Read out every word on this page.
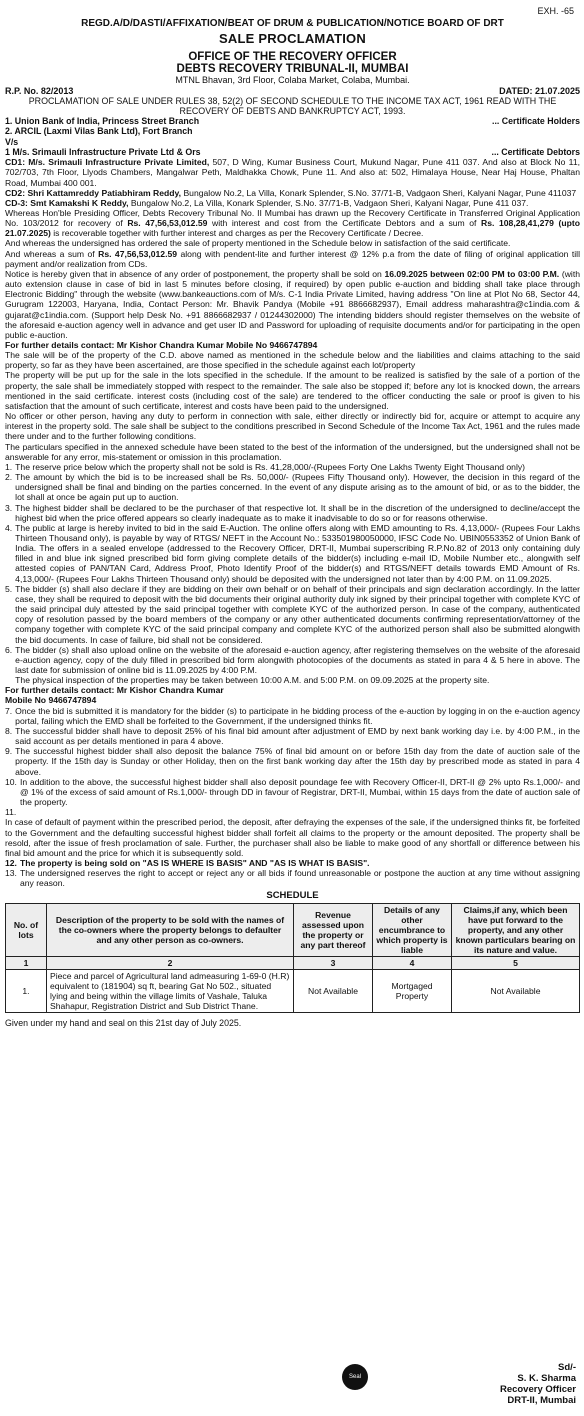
EXH. -65
REGD.A/D/DASTI/AFFIXATION/BEAT OF DRUM & PUBLICATION/NOTICE BOARD OF DRT
SALE PROCLAMATION
OFFICE OF THE RECOVERY OFFICER
DEBTS RECOVERY TRIBUNAL-II, MUMBAI
MTNL Bhavan, 3rd Floor, Colaba Market, Colaba, Mumbai.
R.P. No. 82/2013	DATED: 21.07.2025
PROCLAMATION OF SALE UNDER RULES 38, 52(2) OF SECOND SCHEDULE TO THE INCOME TAX ACT, 1961 READ WITH THE RECOVERY OF DEBTS AND BANKRUPTCY ACT, 1993.
1. Union Bank of India, Princess Street Branch	... Certificate Holders
2. ARCIL (Laxmi Vilas Bank Ltd), Fort Branch
V/s
1 M/s. Srimauli Infrastructure Private Ltd & Ors	... Certificate Debtors
CD1: M/s. Srimauli Infrastructure Private Limited, 507, D Wing, Kumar Business Court, Mukund Nagar, Pune 411 037. And also at Block No 11, 702/703, 7th Floor, Llyods Chambers, Mangalwar Peth, Maldhakka Chowk, Pune 11. And also at: 502, Himalaya House, Near Haj House, Phaltan Road, Mumbai 400 001.
CD2: Shri Kattamreddy Patiabhiram Reddy, Bungalow No.2, La Villa, Konark Splender, S.No. 37/71-B, Vadgaon Sheri, Kalyani Nagar, Pune 411037
CD-3: Smt Kamakshi K Reddy, Bungalow No.2, La Villa, Konark Splender, S.No. 37/71-B, Vadgaon Sheri, Kalyani Nagar, Pune 411 037.
Whereas Hon'ble Presiding Officer, Debts Recovery Tribunal No. II Mumbai has drawn up the Recovery Certificate in Transferred Original Application No. 103/2012 for recovery of Rs. 47,56,53,012.59 with interest and cost from the Certificate Debtors and a sum of Rs. 108,28,41,279 (upto 21.07.2025) is recoverable together with further interest and charges as per the Recovery Certificate / Decree.
And whereas the undersigned has ordered the sale of property mentioned in the Schedule below in satisfaction of the said certificate.
And whereas a sum of Rs. 47,56,53,012.59 along with pendent-lite and further interest @ 12% p.a from the date of filing of original application till payment and/or realization from CDs.
Notice is hereby given that in absence of any order of postponement, the property shall be sold on 16.09.2025 between 02:00 PM to 03:00 P.M. (with auto extension clause in case of bid in last 5 minutes before closing, if required) by open public e-auction and bidding shall take place through Electronic Bidding" through the website (www.bankeauctions.com of M/s. C-1 India Private Limited, having address "On line at Plot No 68, Sector 44, Gurugram 122003, Haryana, India, Contact Person: Mr. Bhavik Pandya (Mobile +91 8866682937), Email address maharashtra@c1india.com & gujarat@c1india.com. (Support help Desk No. +91 8866682937 / 01244302000) The intending bidders should register themselves on the website of the aforesaid e-auction agency well in advance and get user ID and Password for uploading of requisite documents and/or for participating in the open public e-auction.
For further details contact: Mr Kishor Chandra Kumar Mobile No 9466747894
The sale will be of the property of the C.D. above named as mentioned in the schedule below and the liabilities and claims attaching to the said property, so far as they have been ascertained, are those specified in the schedule against each lot/property
The property will be put up for the sale in the lots specified in the schedule. If the amount to be realized is satisfied by the sale of a portion of the property, the sale shall be immediately stopped with respect to the remainder. The sale also be stopped if; before any lot is knocked down, the arrears mentioned in the said certificate. interest costs (including cost of the sale) are tendered to the officer conducting the sale or proof is given to his satisfaction that the amount of such certificate, interest and costs have been paid to the undersigned.
No officer or other person, having any duty to perform in connection with sale, either directly or indirectly bid for, acquire or attempt to acquire any interest in the property sold. The sale shall be subject to the conditions prescribed in Second Schedule of the Income Tax Act, 1961 and the rules made there under and to the further following conditions.
The particulars specified in the annexed schedule have been stated to the best of the information of the undersigned, but the undersigned shall not be answerable for any error, mis-statement or omission in this proclamation.
1. The reserve price below which the property shall not be sold is Rs. 41,28,000/-(Rupees Forty One Lakhs Twenty Eight Thousand only)
2. The amount by which the bid is to be increased shall be Rs. 50,000/- (Rupees Fifty Thousand only). However, the decision in this regard of the undersigned shall be final and binding on the parties concerned. In the event of any dispute arising as to the amount of bid, or as to the bidder, the lot shall at once be again put up to auction.
3. The highest bidder shall be declared to be the purchaser of that respective lot. It shall be in the discretion of the undersigned to decline/accept the highest bid when the price offered appears so clearly inadequate as to make it inadvisable to do so or for reasons otherwise.
4. The public at large is hereby invited to bid in the said E-Auction. The online offers along with EMD amounting to Rs. 4,13,000/- (Rupees Four Lakhs Thirteen Thousand only), is payable by way of RTGS/ NEFT in the Account No.: 533501980050000, IFSC Code No. UBIN0553352 of Union Bank of India. The offers in a sealed envelope (addressed to the Recovery Officer, DRT-II, Mumbai superscribing R.P.No.82 of 2013 only containing duly filled in and blue ink signed prescribed bid form giving complete details of the bidder(s) including e-mail ID, Mobile Number etc., alongwith self attested copies of PAN/TAN Card, Address Proof, Photo Identify Proof of the bidder(s) and RTGS/NEFT details towards EMD Amount of Rs. 4,13,000/- (Rupees Four Lakhs Thirteen Thousand only) should be deposited with the undersigned not later than by 4:00 P.M. on 11.09.2025.
5. The bidder (s) shall also declare if they are bidding on their own behalf or on behalf of their principals and sign declaration accordingly. In the latter case, they shall be required to deposit with the bid documents their original authority duly ink signed by their principal together with complete KYC of the said principal duly attested by the said principal together with complete KYC of the authorized person. In case of the company, authenticated copy of resolution passed by the board members of the company or any other authenticated documents confirming representation/attorney of the company together with complete KYC of the said principal company and complete KYC of the authorized person shall also be submitted alongwith the bid documents. In case of failure, bid shall not be considered.
6. The bidder (s) shall also upload online on the website of the aforesaid e-auction agency, after registering themselves on the website of the aforesaid e-auction agency, copy of the duly filled in prescribed bid form alongwith photocopies of the documents as stated in para 4 & 5 here in above. The last date for submission of online bid is 11.09.2025 by 4:00 P.M.
The physical inspection of the properties may be taken between 10:00 A.M. and 5:00 P.M. on 09.09.2025 at the property site.
For further details contact: Mr Kishor Chandra Kumar
Mobile No 9466747894
7. Once the bid is submitted it is mandatory for the bidder (s) to participate in he bidding process of the e-auction by logging in on the e-auction agency portal, failing which the EMD shall be forfeited to the Government, if the undersigned thinks fit.
8. The successful bidder shall have to deposit 25% of his final bid amount after adjustment of EMD by next bank working day i.e. by 4:00 P.M., in the said account as per details mentioned in para 4 above.
9. The successful highest bidder shall also deposit the balance 75% of final bid amount on or before 15th day from the date of auction sale of the property. If the 15th day is Sunday or other Holiday, then on the first bank working day after the 15th day by prescribed mode as stated in para 4 above.
10. In addition to the above, the successful highest bidder shall also deposit poundage fee with Recovery Officer-II, DRT-II @ 2% upto Rs.1,000/- and @ 1% of the excess of said amount of Rs.1,000/- through DD in favour of Registrar, DRT-II, Mumbai, within 15 days from the date of auction sale of the property.
11.
In case of default of payment within the prescribed period, the deposit, after defraying the expenses of the sale, if the undersigned thinks fit, be forfeited to the Government and the defaulting successful highest bidder shall forfeit all claims to the property or the amount deposited. The property shall be resold, after the issue of fresh proclamation of sale. Further, the purchaser shall also be liable to make good of any shortfall or difference between his final bid amount and the price for which it is subsequently sold.
12. The property is being sold on "AS IS WHERE IS BASIS" AND "AS IS WHAT IS BASIS".
13. The undersigned reserves the right to accept or reject any or all bids if found unreasonable or postpone the auction at any time without assigning any reason.
SCHEDULE
No. of lots	Description of the property to be sold with the names of the co-owners where the property belongs to defaulter and any other person as co-owners.	Revenue assessed upon the property or any part thereof	Details of any other encumbrance to which property is liable	Claims,if any, which been have put forward to the property, and any other known particulars bearing on its nature and value.
1	2	3	4	5
1.	Piece and parcel of Agricultural land admeasuring 1-69-0 (H.R) equivalent to (181904) sq ft, bearing Gat No 502., situated lying and being within the village limits of Vashale, Taluka Shahapur, Registration District and Sub District Thane.	Not Available	Mortgaged Property	Not Available
Given under my hand and seal on this 21st day of July 2025.
Seal
Sd/-
S. K. Sharma
Recovery Officer
DRT-II, Mumbai
